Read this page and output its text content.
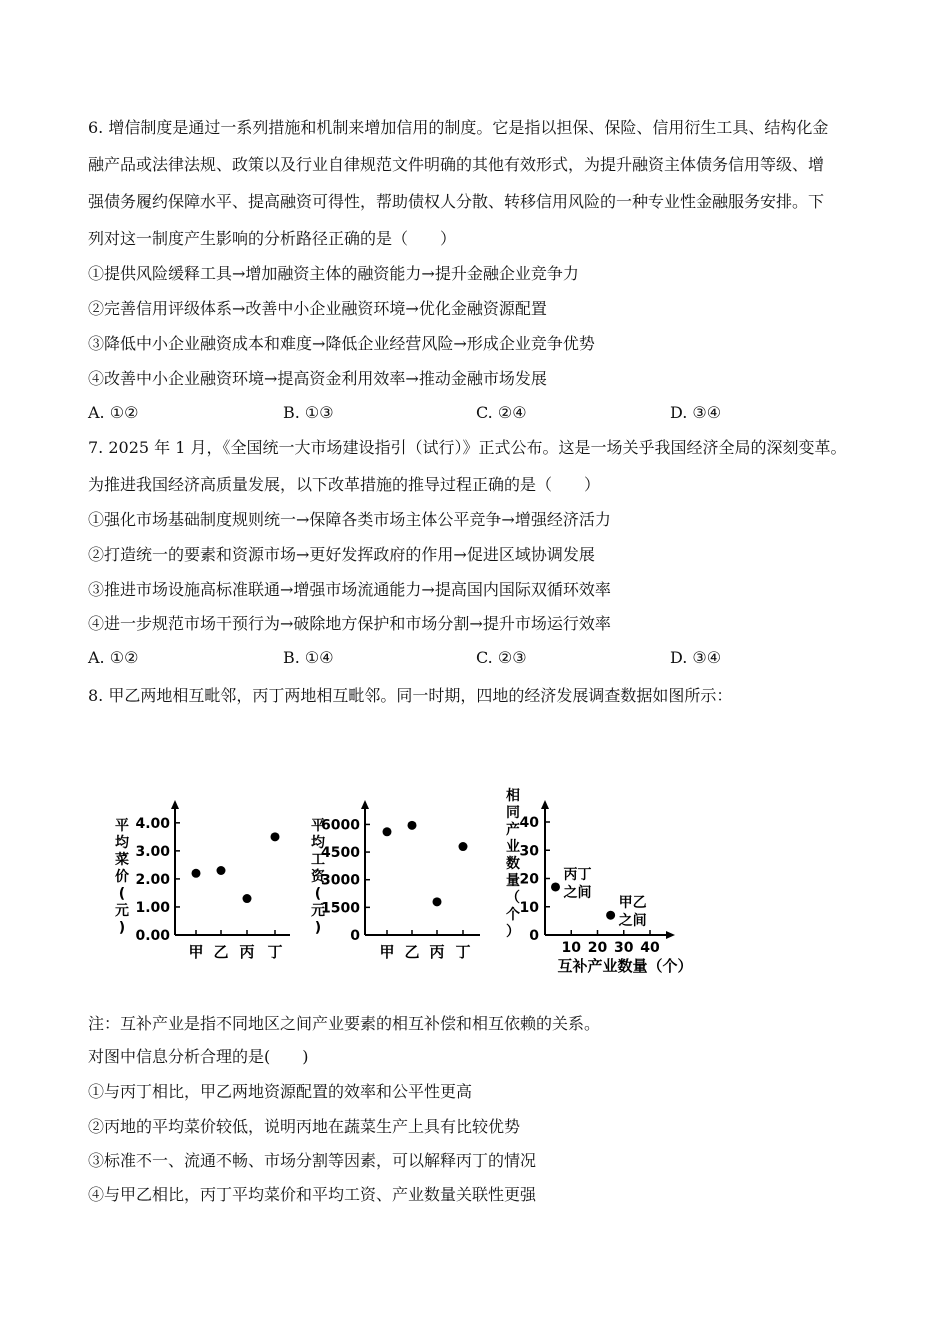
6. 增信制度是通过一系列措施和机制来增加信用的制度。它是指以担保、保险、信用衍生工具、结构化金
融产品或法律法规、政策以及行业自律规范文件明确的其他有效形式，为提升融资主体债务信用等级、增
强债务履约保障水平、提高融资可得性，帮助债权人分散、转移信用风险的一种专业性金融服务安排。下
列对这一制度产生影响的分析路径正确的是（　　）
①提供风险缓释工具→增加融资主体的融资能力→提升金融企业竞争力
②完善信用评级体系→改善中小企业融资环境→优化金融资源配置
③降低中小企业融资成本和难度→降低企业经营风险→形成企业竞争优势
④改善中小企业融资环境→提高资金利用效率→推动金融市场发展
A. ①②	B. ①③	C. ②④	D. ③④
7. 2025 年 1 月，《全国统一大市场建设指引（试行）》正式公布。这是一场关乎我国经济全局的深刻变革。
为推进我国经济高质量发展，以下改革措施的推导过程正确的是（　　）
①强化市场基础制度规则统一→保障各类市场主体公平竞争→增强经济活力
②打造统一的要素和资源市场→更好发挥政府的作用→促进区域协调发展
③推进市场设施高标准联通→增强市场流通能力→提高国内国际双循环效率
④进一步规范市场干预行为→破除地方保护和市场分割→提升市场运行效率
A. ①②	B. ①④	C. ②③	D. ③④
8. 甲乙两地相互毗邻，丙丁两地相互毗邻。同一时期，四地的经济发展调查数据如图所示：
4.00
3.00
2.00
1.00
0.00
平
均
菜
价
(
元
)
甲 乙 丙 丁
6000
4500
3000
1500
0
平
均
工
资
(
元
)
甲 乙 丙 丁
40
30
20
10
0
10 20 30 40
相
同
产
业
数
量
（
个
）
互补产业数量（个）
丙丁
之间
甲乙
之间
注：互补产业是指不同地区之间产业要素的相互补偿和相互依赖的关系。
对图中信息分析合理的是(　　)
①与丙丁相比，甲乙两地资源配置的效率和公平性更高
②丙地的平均菜价较低，说明丙地在蔬菜生产上具有比较优势
③标准不一、流通不畅、市场分割等因素，可以解释丙丁的情况
④与甲乙相比，丙丁平均菜价和平均工资、产业数量关联性更强
